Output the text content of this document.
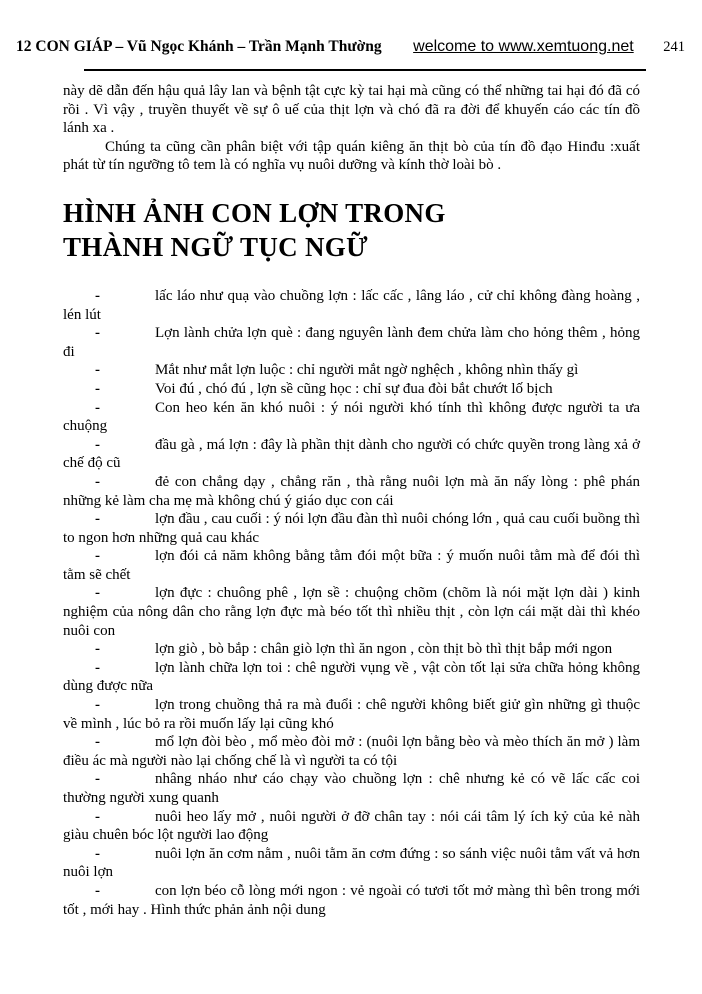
12 CON GIÁP – Vũ Ngọc Khánh – Trần Mạnh Thường welcome to www.xemtuong.net 241

này dẽ dẫn đến hậu quả lây lan và bệnh tật cực kỳ tai hại mà cũng có thể những tai hại đó đã có rồi . Vì vậy , truyền thuyết về sự ô uế của thịt lợn và chó đã ra đời để khuyến cáo các tín đồ lánh xa .

Chúng ta cũng cần phân biệt với tập quán kiêng ăn thịt bò của tín đồ đạo Hinđu :xuất phát từ tín ngưỡng tô tem là có nghĩa vụ nuôi dưỡng và kính thờ loài bò .

HÌNH ẢNH CON LỢN TRONG
THÀNH NGỮ TỤC NGỮ

-	lấc láo như quạ vào chuồng lợn : lấc cấc , lâng láo , cử chỉ không đàng hoàng , lén lút

-	Lợn lành chửa lợn què : đang nguyên lành đem chửa làm cho hỏng thêm , hỏng đi

-	Mắt như mắt lợn luộc : chỉ người mắt ngờ nghệch , không nhìn thấy gì

-	Voi đú , chó đú , lợn sề cũng học : chỉ sự đua đòi bắt chướt lố bịch

-	Con heo kén ăn khó nuôi : ý nói người khó tính thì không được người ta ưa chuộng

-	đầu gà , má lợn : đây là phần thịt dành cho người có chức quyền trong làng xả ở chế độ cũ

-	đẻ con chẳng dạy , chẳng răn , thà rằng nuôi lợn mà ăn nấy lòng : phê phán những kẻ làm cha mẹ mà không chú ý giáo dục con cái

-	lợn đầu , cau cuối : ý nói lợn đầu đàn thì nuôi chóng lớn , quả cau cuối buồng thì to ngon hơn những quả cau khác

-	lợn đói cả năm không bằng tằm đói một bữa : ý muốn nuôi tằm mà để đói thì tằm sẽ chết

-	lợn đực : chuông phê , lợn sề : chuộng chõm (chõm là nói mặt lợn dài ) kinh nghiệm của nông dân cho rằng lợn đực mà béo tốt thì nhiều thịt , còn lợn cái mặt dài thì khéo nuôi con

-	lợn giò , bò bắp : chân giò lợn thì ăn ngon , còn thịt bò thì thịt bắp mới ngon

-	lợn lành chữa lợn toi : chê người vụng về , vật còn tốt lại sửa chữa hỏng không dùng được nữa

-	lợn trong chuồng thả ra mà đuổi : chê người không biết giử gìn những gì thuộc về mình , lúc bỏ ra rồi muốn lấy lại cũng khó

-	mổ lợn đòi bèo , mổ mèo đòi mở : (nuôi lợn bằng bèo và mèo thích ăn mở ) làm điều ác mà người nào lại chống chế là vì người ta có tội

-	nhâng nháo như cáo chạy vào chuồng lợn : chê nhưng kẻ có vẽ lấc cấc coi thường người xung quanh

-	nuôi heo lấy mở , nuôi người ở đỡ chân tay : nói cái tâm lý ích kỷ của kẻ nàh giàu chuên bóc lột người lao động

-	nuôi lợn ăn cơm nằm , nuôi tằm ăn cơm đứng : so sánh việc nuôi tằm vất vả hơn nuôi lợn

-	con lợn béo cỗ lòng mới ngon : vẻ ngoài có tươi tốt mở màng thì bên trong mới tốt , mới hay . Hình thức phản ảnh nội dung
